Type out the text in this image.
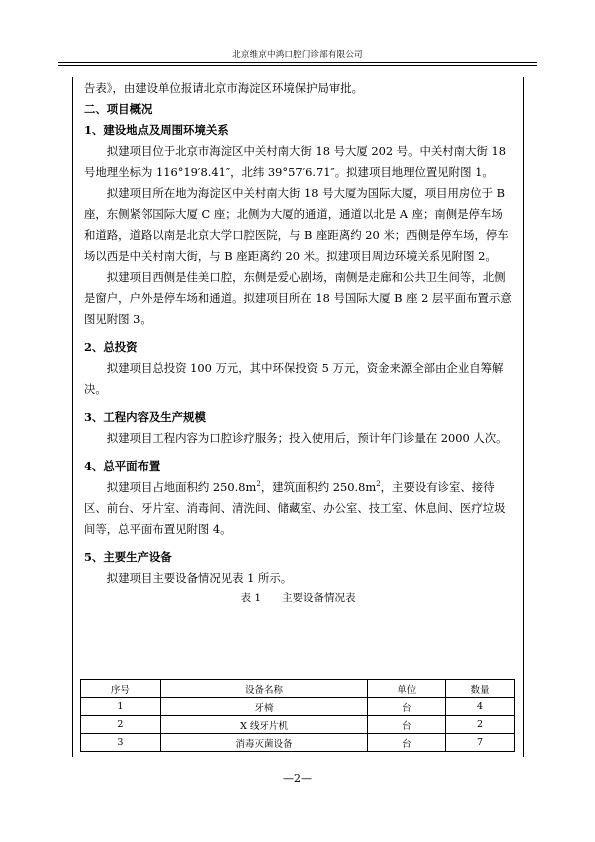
北京维京中鸿口腔门诊部有限公司

告表》，由建设单位报请北京市海淀区环境保护局审批。

二、项目概况

1、建设地点及周围环境关系

拟建项目位于北京市海淀区中关村南大街 18 号大厦 202 号。中关村南大街 18 号地理坐标为 116°19′8.41″，北纬 39°57′6.71″。拟建项目地理位置见附图 1。

拟建项目所在地为海淀区中关村南大街 18 号大厦为国际大厦，项目用房位于 B 座，东侧紧邻国际大厦 C 座；北侧为大厦的通道，通道以北是 A 座；南侧是停车场和道路，道路以南是北京大学口腔医院，与 B 座距离约 20 米；西侧是停车场，停车场以西是中关村南大街，与 B 座距离约 20 米。拟建项目周边环境关系见附图 2。

拟建项目西侧是佳美口腔，东侧是爱心剧场，南侧是走廊和公共卫生间等，北侧是窗户，户外是停车场和通道。拟建项目所在 18 号国际大厦 B 座 2 层平面布置示意图见附图 3。

2、总投资

拟建项目总投资 100 万元，其中环保投资 5 万元，资金来源全部由企业自筹解决。

3、工程内容及生产规模

拟建项目工程内容为口腔诊疗服务；投入使用后，预计年门诊量在 2000 人次。

4、总平面布置

拟建项目占地面积约 $250.8m^2$，建筑面积约 $250.8m^2$，主要设有诊室、接待区、前台、牙片室、消毒间、清洗间、储藏室、办公室、技工室、休息间、医疗垃圾间等，总平面布置见附图 4。

5、主要生产设备

拟建项目主要设备情况见表 1 所示。

表 1　　主要设备情况表

序号	设备名称	单位	数量
1	牙椅	台	4
2	X 线牙片机	台	2
3	消毒灭菌设备	台	7
—2—
